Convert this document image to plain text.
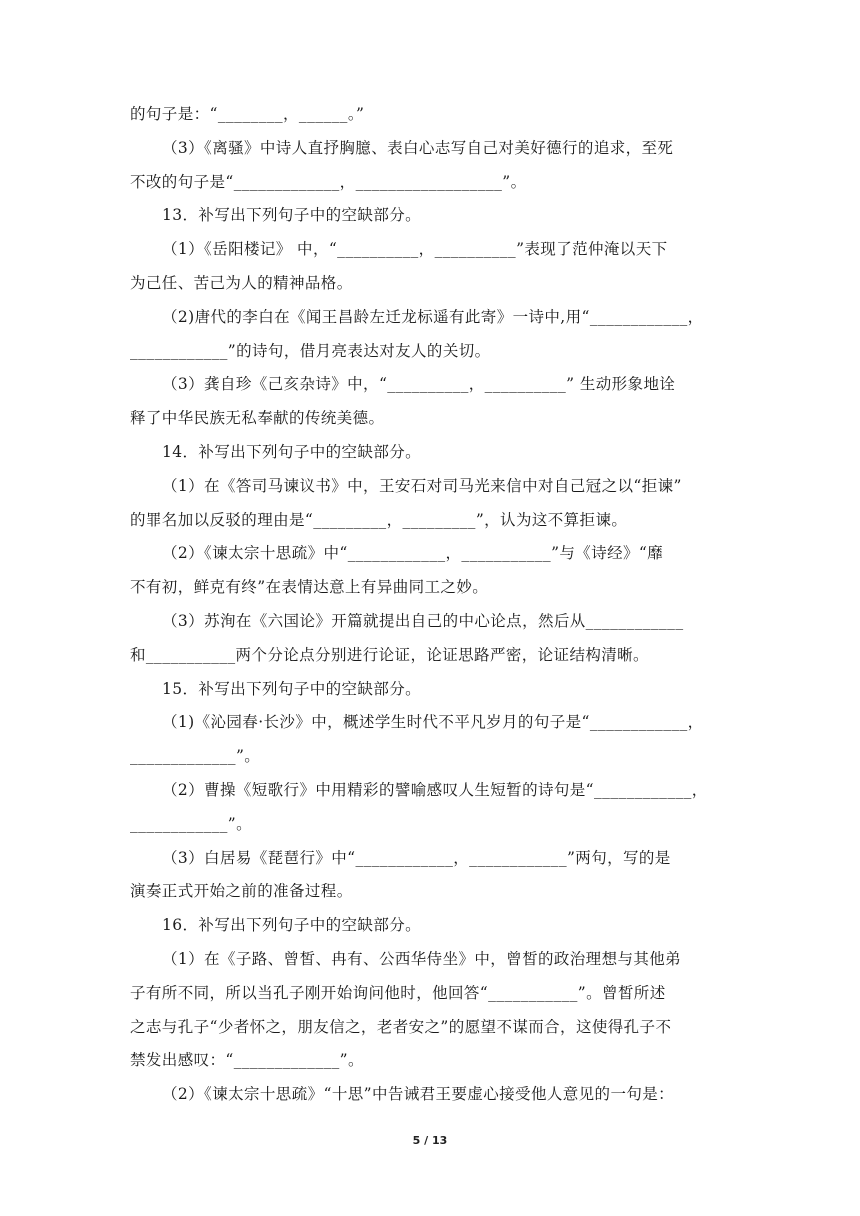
的句子是：“________，______。”
（3）《离骚》中诗人直抒胸臆、表白心志写自己对美好德行的追求，至死
不改的句子是“_____________，__________________”。
13．补写出下列句子中的空缺部分。
（1）《岳阳楼记》 中，“__________，__________”表现了范仲淹以天下
为己任、苦己为人的精神品格。
（2)唐代的李白在《闻王昌龄左迁龙标遥有此寄》一诗中,用“____________，
____________”的诗句，借月亮表达对友人的关切。
（3）龚自珍《己亥杂诗》中，“__________，__________” 生动形象地诠
释了中华民族无私奉献的传统美德。
14．补写出下列句子中的空缺部分。
（1）在《答司马谏议书》中，王安石对司马光来信中对自己冠之以“拒谏”
的罪名加以反驳的理由是“_________，_________”，认为这不算拒谏。
（2）《谏太宗十思疏》中“____________，___________”与《诗经》“靡
不有初，鲜克有终”在表情达意上有异曲同工之妙。
（3）苏洵在《六国论》开篇就提出自己的中心论点，然后从____________
和___________两个分论点分别进行论证，论证思路严密，论证结构清晰。
15．补写出下列句子中的空缺部分。
（1)《沁园春·长沙》中，概述学生时代不平凡岁月的句子是“____________，
_____________”。
（2）曹操《短歌行》中用精彩的譬喻感叹人生短暂的诗句是“____________，
____________”。
（3）白居易《琵琶行》中“____________，____________”两句，写的是
演奏正式开始之前的准备过程。
16．补写出下列句子中的空缺部分。
（1）在《子路、曾皙、冉有、公西华侍坐》中，曾皙的政治理想与其他弟
子有所不同，所以当孔子刚开始询问他时，他回答“___________”。曾皙所述
之志与孔子“少者怀之，朋友信之，老者安之”的愿望不谋而合，这使得孔子不
禁发出感叹：“_____________”。
（2）《谏太宗十思疏》“十思”中告诫君王要虚心接受他人意见的一句是：
5 / 13
